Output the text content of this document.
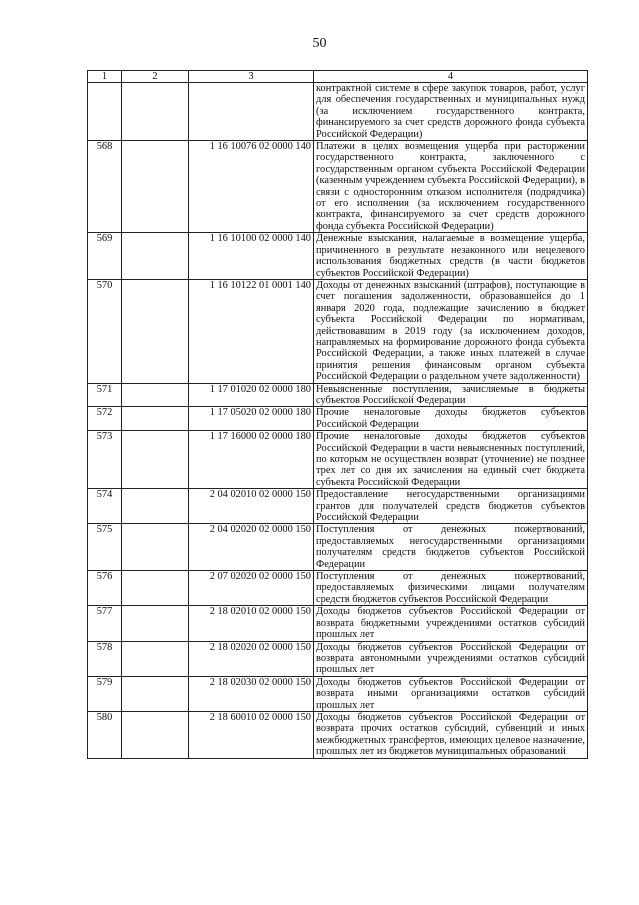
50
1	2	3	4
			контрактной системе в сфере закупок товаров, работ, услуг для обеспечения государственных и муниципальных нужд (за исключением государственного контракта, финансируемого за счет средств дорожного фонда субъекта Российской Федерации)
568		1 16 10076 02 0000 140	Платежи в целях возмещения ущерба при расторжении государственного контракта, заключенного с государственным органом субъекта Российской Федерации (казенным учреждением субъекта Российской Федерации), в связи с односторонним отказом исполнителя (подрядчика) от его исполнения (за исключением государственного контракта, финансируемого за счет средств дорожного фонда субъекта Российской Федерации)
569		1 16 10100 02 0000 140	Денежные взыскания, налагаемые в возмещение ущерба, причиненного в результате незаконного или нецелевого использования бюджетных средств (в части бюджетов субъектов Российской Федерации)
570		1 16 10122 01 0001 140	Доходы от денежных взысканий (штрафов), поступающие в счет погашения задолженности, образовавшейся до 1 января 2020 года, подлежащие зачислению в бюджет субъекта Российской Федерации по нормативам, действовавшим в 2019 году (за исключением доходов, направляемых на формирование дорожного фонда субъекта Российской Федерации, а также иных платежей в случае принятия решения финансовым органом субъекта Российской Федерации о раздельном учете задолженности)
571		1 17 01020 02 0000 180	Невыясненные поступления, зачисляемые в бюджеты субъектов Российской Федерации
572		1 17 05020 02 0000 180	Прочие неналоговые доходы бюджетов субъектов Российской Федерации
573		1 17 16000 02 0000 180	Прочие неналоговые доходы бюджетов субъектов Российской Федерации в части невыясненных поступлений, по которым не осуществлен возврат (уточнение) не позднее трех лет со дня их зачисления на единый счет бюджета субъекта Российской Федерации
574		2 04 02010 02 0000 150	Предоставление негосударственными организациями грантов для получателей средств бюджетов субъектов Российской Федерации
575		2 04 02020 02 0000 150	Поступления от денежных пожертвований, предоставляемых негосударственными организациями получателям средств бюджетов субъектов Российской Федерации
576		2 07 02020 02 0000 150	Поступления от денежных пожертвований, предоставляемых физическими лицами получателям средств бюджетов субъектов Российской Федерации
577		2 18 02010 02 0000 150	Доходы бюджетов субъектов Российской Федерации от возврата бюджетными учреждениями остатков субсидий прошлых лет
578		2 18 02020 02 0000 150	Доходы бюджетов субъектов Российской Федерации от возврата автономными учреждениями остатков субсидий прошлых лет
579		2 18 02030 02 0000 150	Доходы бюджетов субъектов Российской Федерации от возврата иными организациями остатков субсидий прошлых лет
580		2 18 60010 02 0000 150	Доходы бюджетов субъектов Российской Федерации от возврата прочих остатков субсидий, субвенций и иных межбюджетных трансфертов, имеющих целевое назначение, прошлых лет из бюджетов муниципальных образований
